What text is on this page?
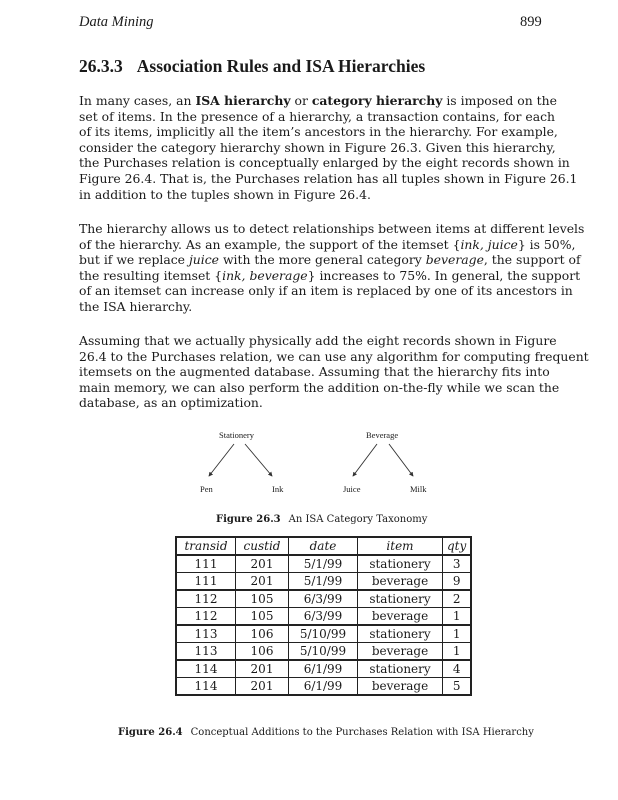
Data Mining	899
26.3.3 Association Rules and ISA Hierarchies
In many cases, an ISA hierarchy or category hierarchy is imposed on the
set of items. In the presence of a hierarchy, a transaction contains, for each
of its items, implicitly all the item’s ancestors in the hierarchy. For example,
consider the category hierarchy shown in Figure 26.3. Given this hierarchy,
the Purchases relation is conceptually enlarged by the eight records shown in
Figure 26.4. That is, the Purchases relation has all tuples shown in Figure 26.1
in addition to the tuples shown in Figure 26.4.
The hierarchy allows us to detect relationships between items at different levels
of the hierarchy. As an example, the support of the itemset {ink, juice} is 50%,
but if we replace juice with the more general category beverage, the support of
the resulting itemset {ink, beverage} increases to 75%. In general, the support
of an itemset can increase only if an item is replaced by one of its ancestors in
the ISA hierarchy.
Assuming that we actually physically add the eight records shown in Figure
26.4 to the Purchases relation, we can use any algorithm for computing frequent
itemsets on the augmented database. Assuming that the hierarchy fits into
main memory, we can also perform the addition on-the-fly while we scan the
database, as an optimization.
Stationery	Beverage
Pen	Ink	Juice	Milk
Figure 26.3 An ISA Category Taxonomy
transid	custid	date	item	qty
111	201	5/1/99	stationery	3
111	201	5/1/99	beverage	9
112	105	6/3/99	stationery	2
112	105	6/3/99	beverage	1
113	106	5/10/99	stationery	1
113	106	5/10/99	beverage	1
114	201	6/1/99	stationery	4
114	201	6/1/99	beverage	5
Figure 26.4 Conceptual Additions to the Purchases Relation with ISA Hierarchy
